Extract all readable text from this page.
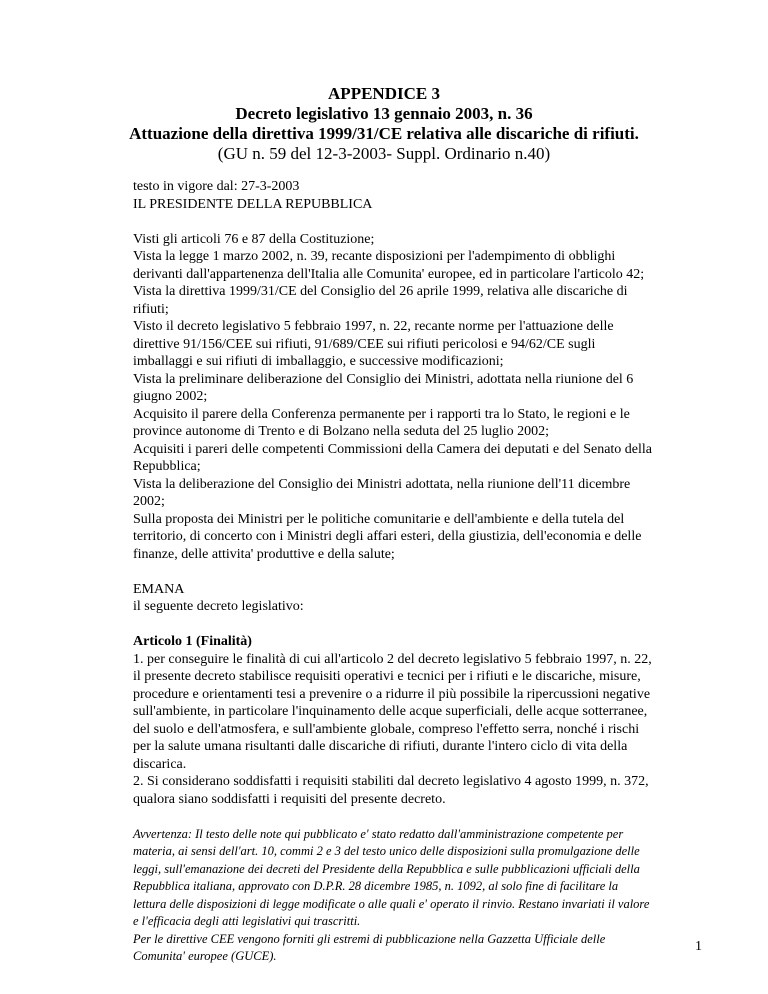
APPENDICE 3
Decreto legislativo 13 gennaio 2003, n. 36
Attuazione della direttiva 1999/31/CE relativa alle discariche di rifiuti.
(GU n. 59 del 12-3-2003- Suppl. Ordinario n.40)

testo in vigore dal: 27-3-2003

IL PRESIDENTE DELLA REPUBBLICA

Visti gli articoli 76 e 87 della Costituzione;

Vista la legge 1 marzo 2002, n. 39, recante disposizioni per l'adempimento di obblighi derivanti dall'appartenenza dell'Italia alle Comunita' europee, ed in particolare l'articolo 42;

Vista la direttiva 1999/31/CE del Consiglio del 26 aprile 1999, relativa alle discariche di rifiuti;

Visto il decreto legislativo 5 febbraio 1997, n. 22, recante norme per l'attuazione delle direttive 91/156/CEE sui rifiuti, 91/689/CEE sui rifiuti pericolosi e 94/62/CE sugli imballaggi e sui rifiuti di imballaggio, e successive modificazioni;

Vista la preliminare deliberazione del Consiglio dei Ministri, adottata nella riunione del 6 giugno 2002;

Acquisito il parere della Conferenza permanente per i rapporti tra lo Stato, le regioni e le province autonome di Trento e di Bolzano nella seduta del 25 luglio 2002;

Acquisiti i pareri delle competenti Commissioni della Camera dei deputati e del Senato della Repubblica;

Vista la deliberazione del Consiglio dei Ministri adottata, nella riunione dell'11 dicembre 2002;

Sulla proposta dei Ministri per le politiche comunitarie e dell'ambiente e della tutela del territorio, di concerto con i Ministri degli affari esteri, della giustizia, dell'economia e delle finanze, delle attivita' produttive e della salute;

EMANA

il seguente decreto legislativo:

Articolo 1 (Finalità)

1. per conseguire le finalità di cui all'articolo 2 del decreto legislativo 5 febbraio 1997, n. 22, il presente decreto stabilisce requisiti operativi e tecnici per i rifiuti e le discariche, misure, procedure e orientamenti tesi a prevenire o a ridurre il più possibile la ripercussioni negative sull'ambiente, in particolare l'inquinamento delle acque superficiali, delle acque sotterranee, del suolo e dell'atmosfera, e sull'ambiente globale, compreso l'effetto serra, nonché i rischi per la salute umana risultanti dalle discariche di rifiuti, durante l'intero ciclo di vita della discarica.

2. Si considerano soddisfatti i requisiti stabiliti dal decreto legislativo 4 agosto 1999, n. 372, qualora siano soddisfatti i requisiti del presente decreto.

Avvertenza: Il testo delle note qui pubblicato e' stato redatto dall'amministrazione competente per materia, ai sensi dell'art. 10, commi 2 e 3 del testo unico delle disposizioni sulla promulgazione delle leggi, sull'emanazione dei decreti del Presidente della Repubblica e sulle pubblicazioni ufficiali della Repubblica italiana, approvato con D.P.R. 28 dicembre 1985, n. 1092, al solo fine di facilitare la lettura delle disposizioni di legge modificate o alle quali e' operato il rinvio. Restano invariati il valore e l'efficacia degli atti legislativi qui trascritti.

Per le direttive CEE vengono forniti gli estremi di pubblicazione nella Gazzetta Ufficiale delle Comunita' europee (GUCE).

1
